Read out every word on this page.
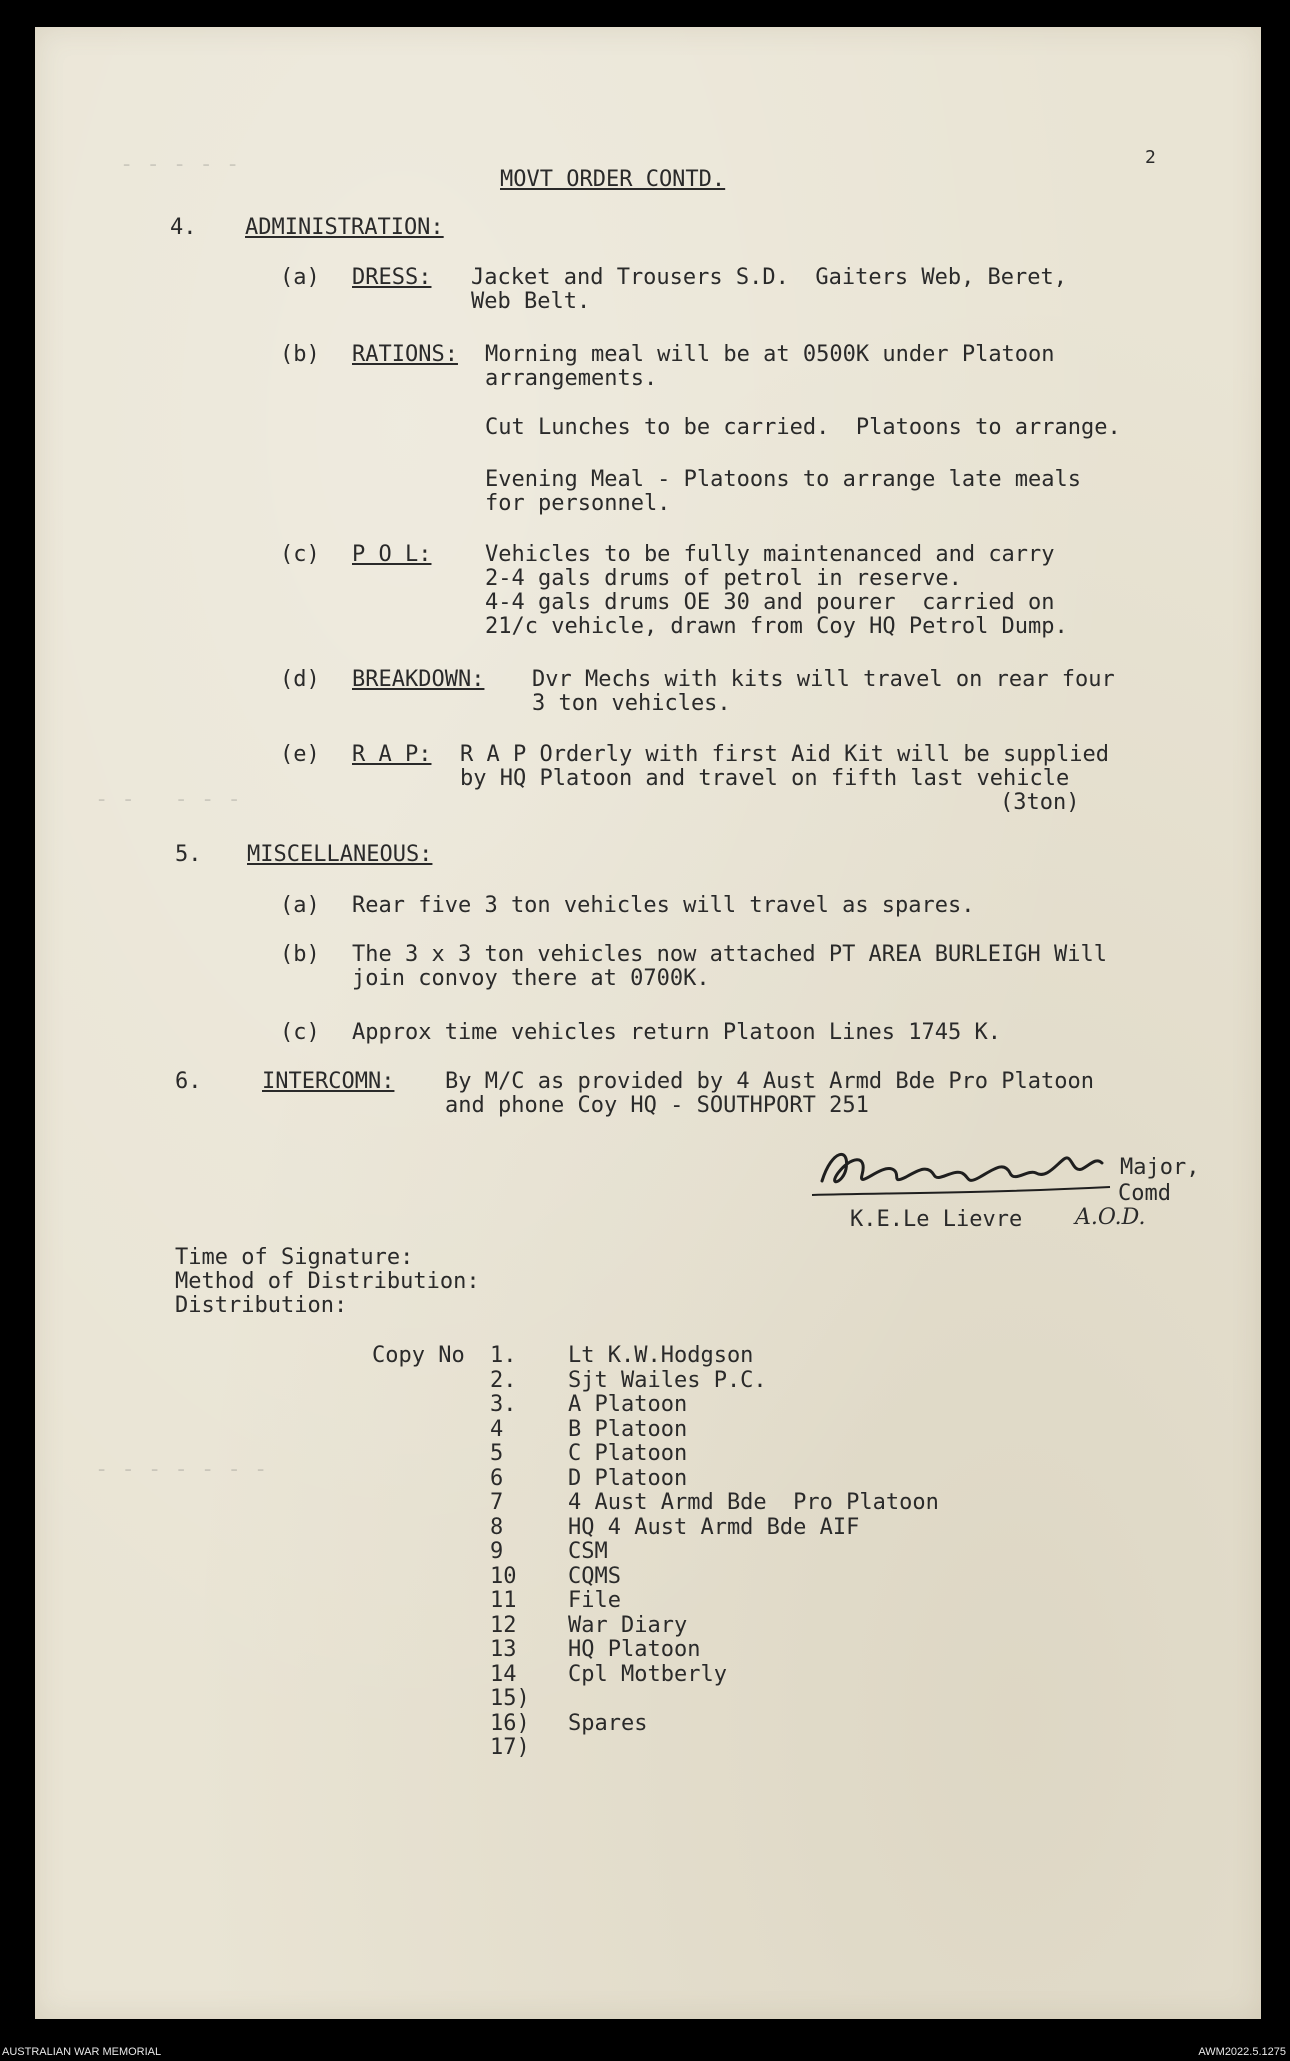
- - - - -
- -   - - -
- - - - - - -
MOVT ORDER CONTD.
2
4. ADMINISTRATION:
(a) DRESS: Jacket and Trousers S.D.  Gaiters Web, Beret,
Web Belt.
(b) RATIONS: Morning meal will be at 0500K under Platoon
arrangements.
Cut Lunches to be carried.  Platoons to arrange.
Evening Meal - Platoons to arrange late meals
for personnel.
(c) P O L: Vehicles to be fully maintenanced and carry
2-4 gals drums of petrol in reserve.
4-4 gals drums OE 30 and pourer  carried on
21/c vehicle, drawn from Coy HQ Petrol Dump.
(d) BREAKDOWN: Dvr Mechs with kits will travel on rear four
3 ton vehicles.
(e) R A P: R A P Orderly with first Aid Kit will be supplied
by HQ Platoon and travel on fifth last vehicle
(3ton)
5. MISCELLANEOUS:
(a) Rear five 3 ton vehicles will travel as spares.
(b) The 3 x 3 ton vehicles now attached PT AREA BURLEIGH Will
join convoy there at 0700K.
(c) Approx time vehicles return Platoon Lines 1745 K.
6.	INTERCOMN: By M/C as provided by 4 Aust Armd Bde Pro Platoon
and phone Coy HQ - SOUTHPORT 251
Major,
Comd
K.E.Le Lievre A.O.D.
Time of Signature:
Method of Distribution:
Distribution:
Copy No 1. Lt K.W.Hodgson
2. Sjt Wailes P.C.
3. A Platoon
4	B Platoon
5	C Platoon
6	D Platoon
7	4 Aust Armd Bde  Pro Platoon
8	HQ 4 Aust Armd Bde AIF
9	CSM
10 CQMS
11 File
12 War Diary
13 HQ Platoon
14 Cpl Motberly
15)
16) Spares
17)
AUSTRALIAN WAR MEMORIAL	AWM2022.5.1275
